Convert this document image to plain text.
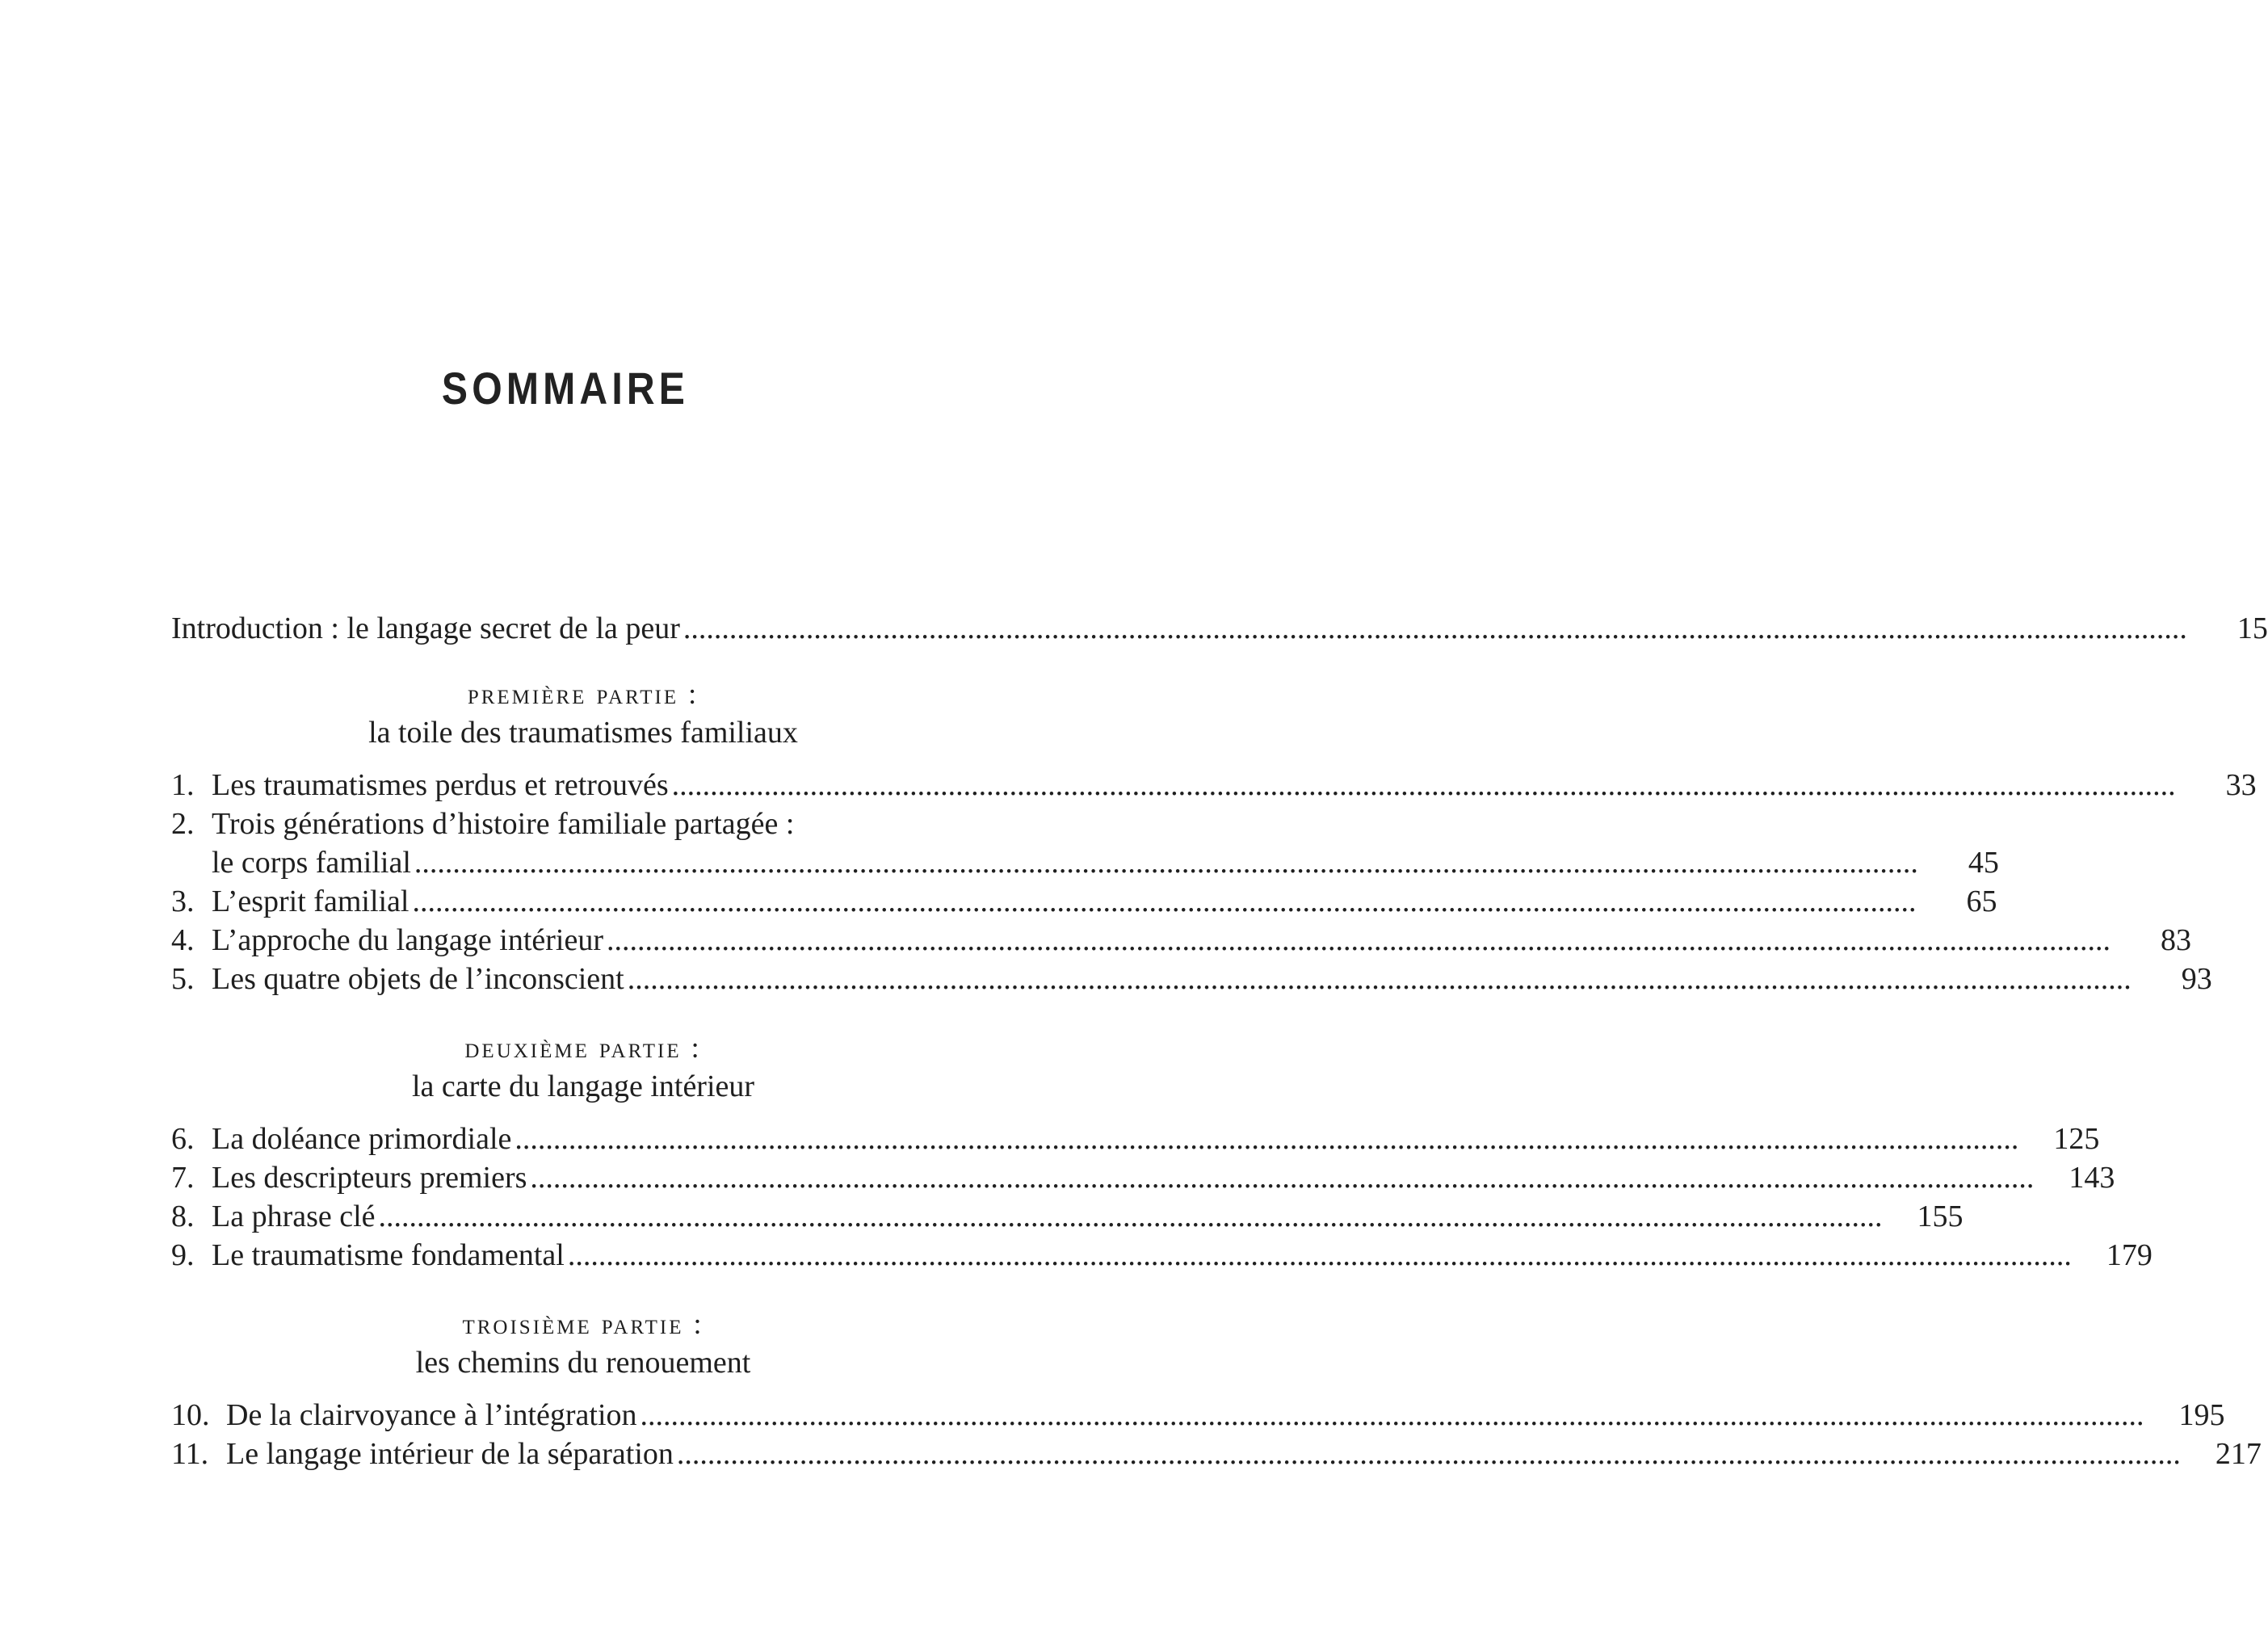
SOMMAIRE
Introduction : le langage secret de la peur .....	15
première partie :
la toile des traumatismes familiaux
1. Les traumatismes perdus et retrouvés .....	33
2. Trois générations d’histoire familiale partagée :
le corps familial .....	45
3. L’esprit familial .....	65
4. L’approche du langage intérieur .....	83
5. Les quatre objets de l’inconscient .....	93
deuxième partie :
la carte du langage intérieur
6. La doléance primordiale .....	125
7. Les descripteurs premiers .....	143
8. La phrase clé .....	155
9. Le traumatisme fondamental .....	179
troisième partie :
les chemins du renouement
10. De la clairvoyance à l’intégration .....	195
11. Le langage intérieur de la séparation .....	217
